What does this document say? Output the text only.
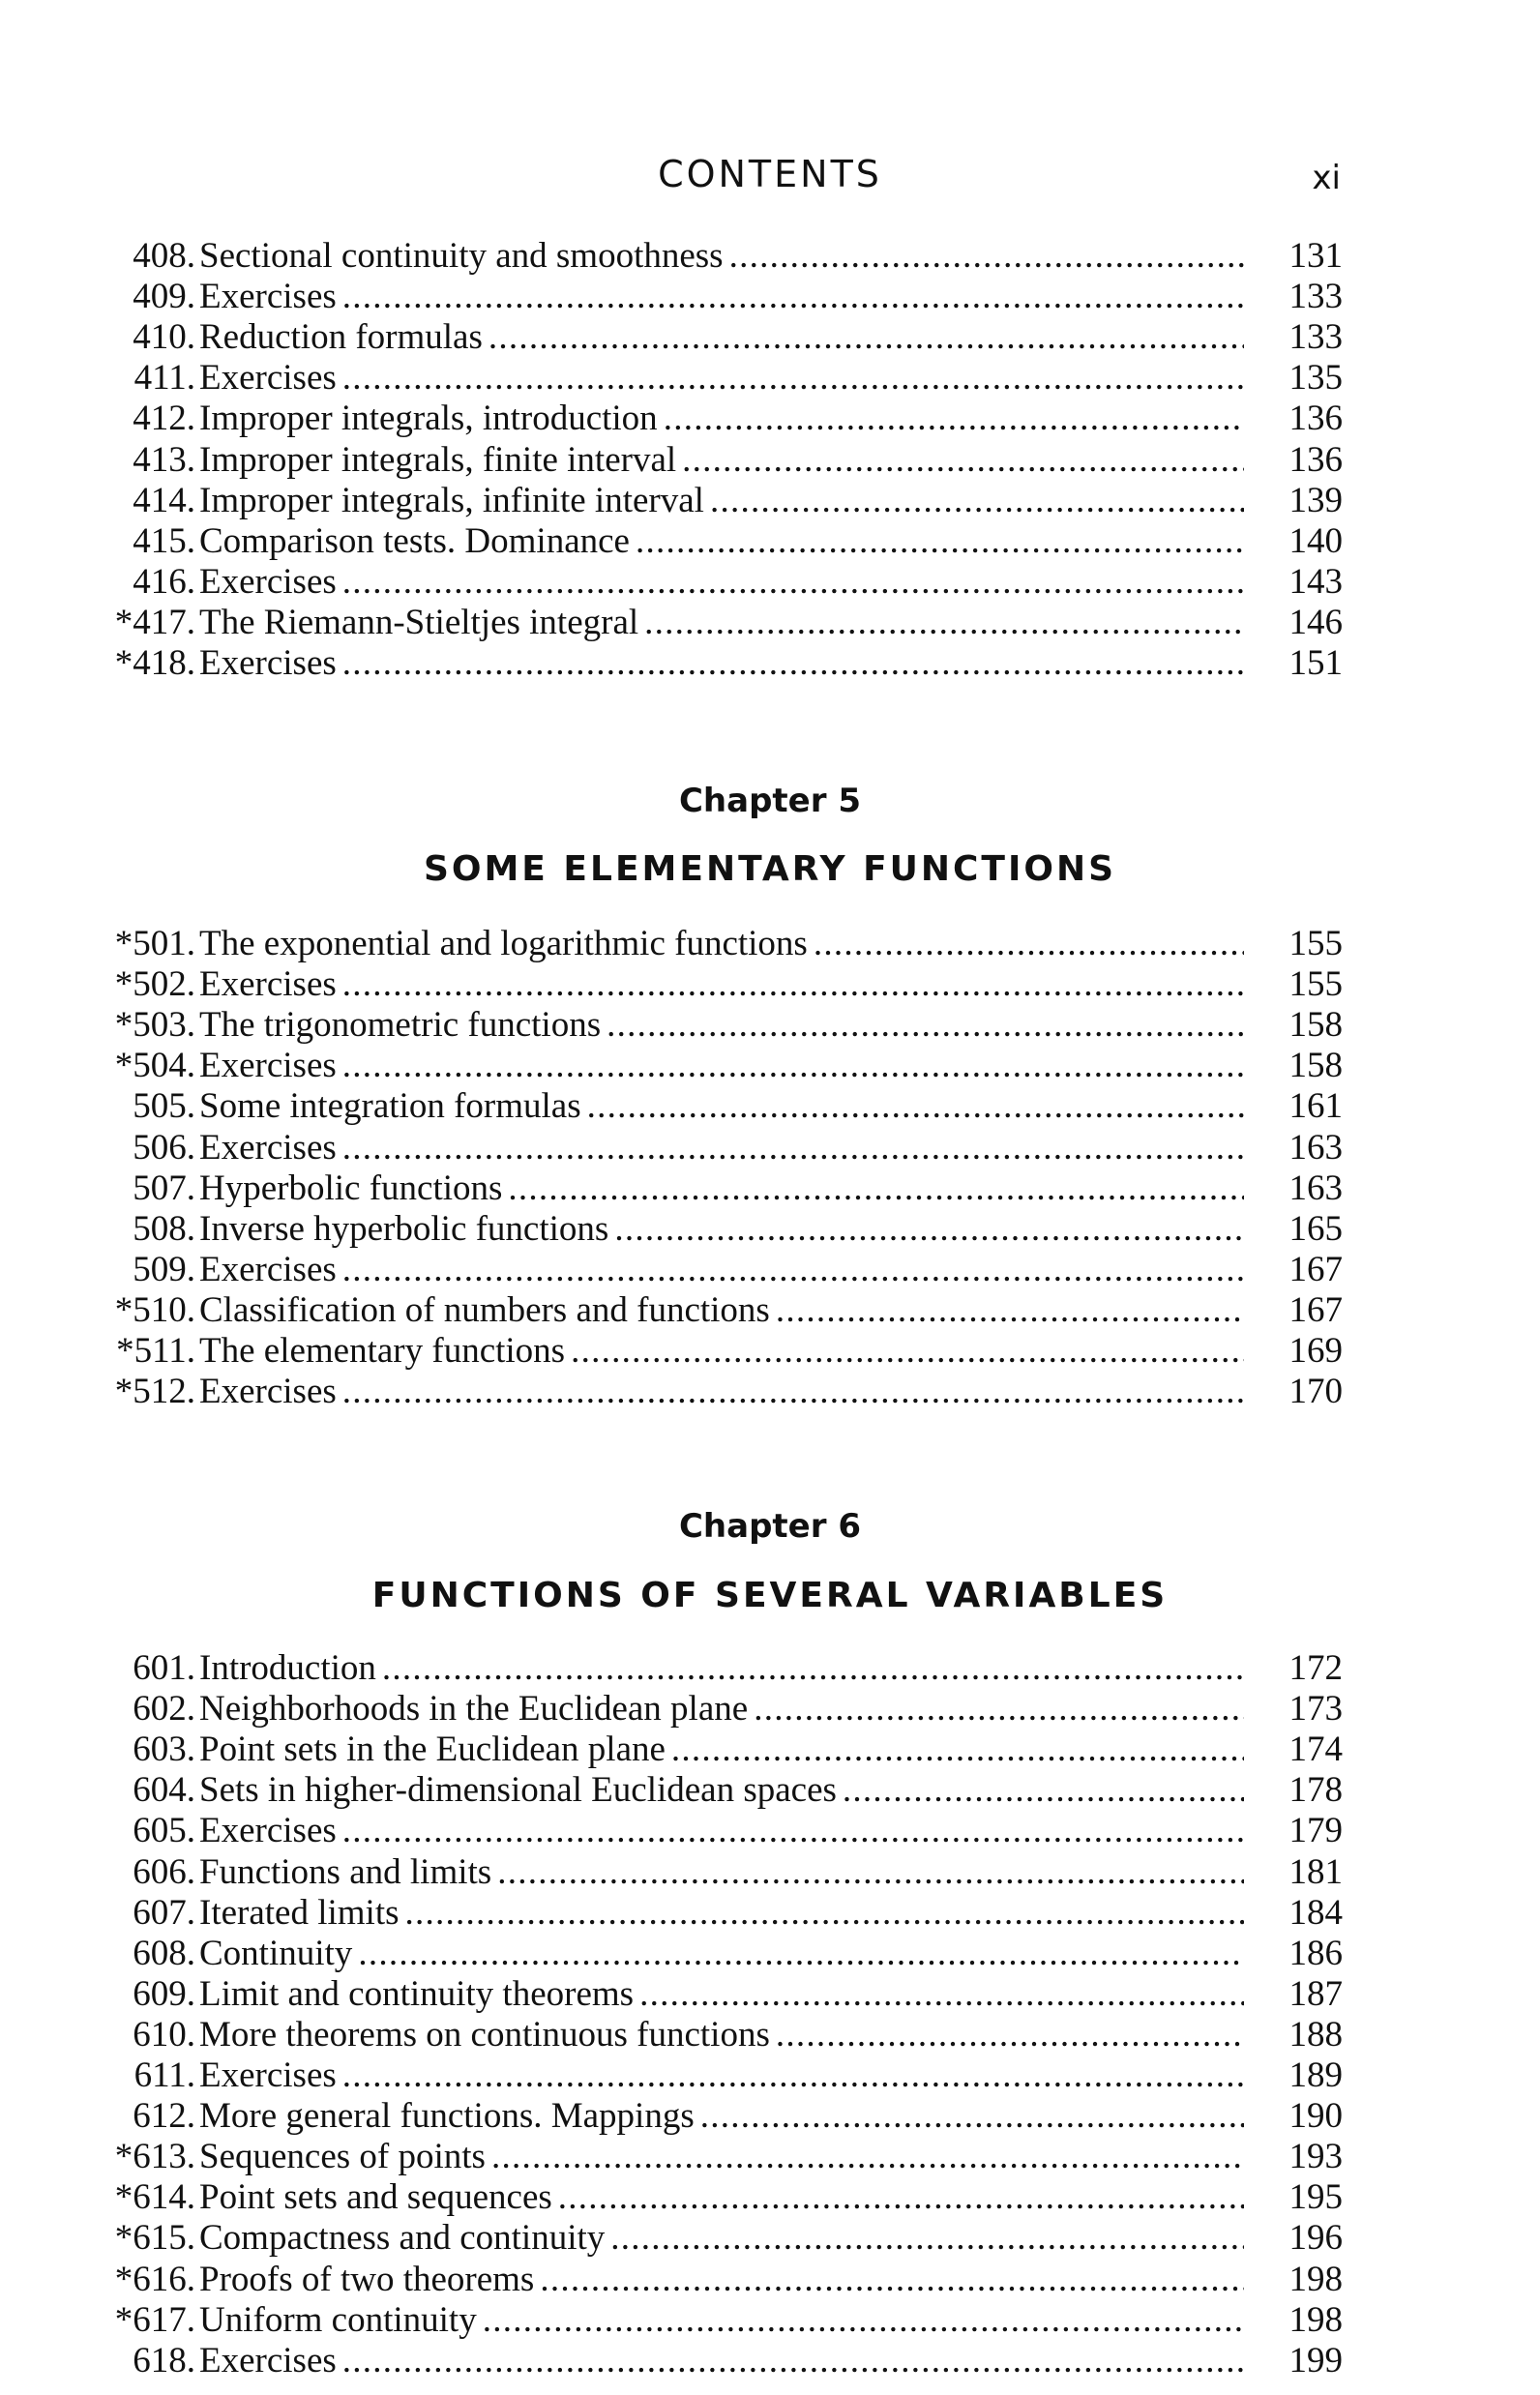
CONTENTS	xi
408. Sectional continuity and smoothness . . .	131
409. Exercises . . .	133
410. Reduction formulas . . .	133
411. Exercises . . .	135
412. Improper integrals, introduction . . .	136
413. Improper integrals, finite interval . . .	136
414. Improper integrals, infinite interval . . .	139
415. Comparison tests. Dominance . . .	140
416. Exercises . . .	143
*417. The Riemann-Stieltjes integral . . .	146
*418. Exercises . . .	151
Chapter 5
SOME ELEMENTARY FUNCTIONS
*501. The exponential and logarithmic functions . . .	155
*502. Exercises . . .	155
*503. The trigonometric functions . . .	158
*504. Exercises . . .	158
505. Some integration formulas . . .	161
506. Exercises . . .	163
507. Hyperbolic functions . . .	163
508. Inverse hyperbolic functions . . .	165
509. Exercises . . .	167
*510. Classification of numbers and functions . . .	167
*511. The elementary functions . . .	169
*512. Exercises . . .	170
Chapter 6
FUNCTIONS OF SEVERAL VARIABLES
601. Introduction . . .	172
602. Neighborhoods in the Euclidean plane . . .	173
603. Point sets in the Euclidean plane . . .	174
604. Sets in higher-dimensional Euclidean spaces . . .	178
605. Exercises . . .	179
606. Functions and limits . . .	181
607. Iterated limits . . .	184
608. Continuity . . .	186
609. Limit and continuity theorems . . .	187
610. More theorems on continuous functions . . .	188
611. Exercises . . .	189
612. More general functions. Mappings . . .	190
*613. Sequences of points . . .	193
*614. Point sets and sequences . . .	195
*615. Compactness and continuity . . .	196
*616. Proofs of two theorems . . .	198
*617. Uniform continuity . . .	198
618. Exercises . . .	199
